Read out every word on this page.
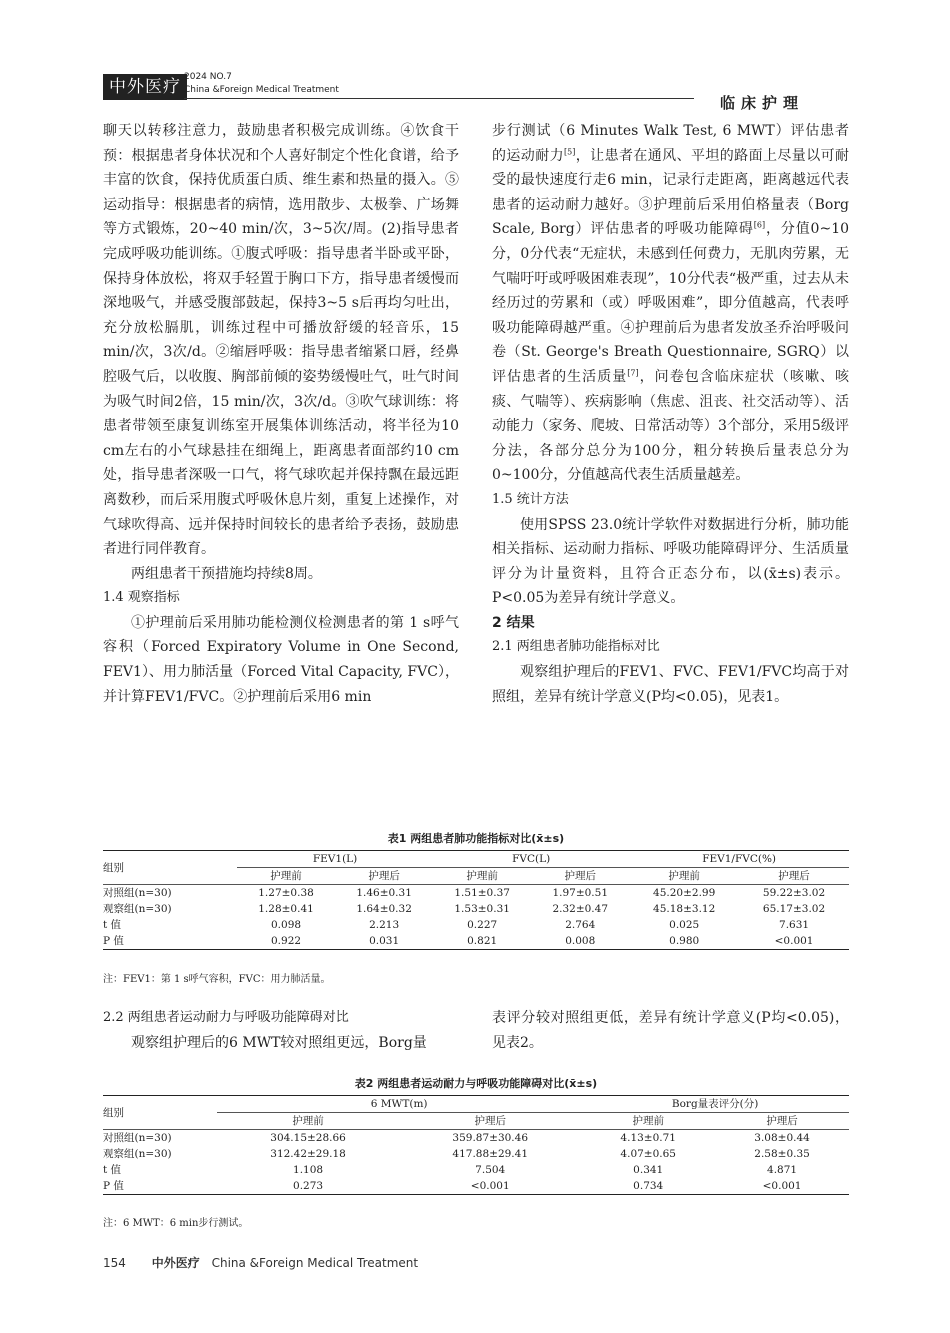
中外医疗 2024 NO.7
China &Foreign Medical Treatment
临床护理

聊天以转移注意力，鼓励患者积极完成训练。④饮食干预：根据患者身体状况和个人喜好制定个性化食谱，给予丰富的饮食，保持优质蛋白质、维生素和热量的摄入。⑤运动指导：根据患者的病情，选用散步、太极拳、广场舞等方式锻炼，20~40 min/次，3~5次/周。(2)指导患者完成呼吸功能训练。①腹式呼吸：指导患者半卧或平卧，保持身体放松，将双手轻置于胸口下方，指导患者缓慢而深地吸气，并感受腹部鼓起，保持3~5 s后再均匀吐出，充分放松膈肌，训练过程中可播放舒缓的轻音乐，15 min/次，3次/d。②缩唇呼吸：指导患者缩紧口唇，经鼻腔吸气后，以收腹、胸部前倾的姿势缓慢吐气，吐气时间为吸气时间2倍，15 min/次，3次/d。③吹气球训练：将患者带领至康复训练室开展集体训练活动，将半径为10 cm左右的小气球悬挂在细绳上，距离患者面部约10 cm处，指导患者深吸一口气，将气球吹起并保持飘在最远距离数秒，而后采用腹式呼吸休息片刻，重复上述操作，对气球吹得高、远并保持时间较长的患者给予表扬，鼓励患者进行同伴教育。

两组患者干预措施均持续8周。

1.4 观察指标

①护理前后采用肺功能检测仪检测患者的第 1 s呼气容积（Forced Expiratory Volume in One Second, FEV1）、用力肺活量（Forced Vital Capacity, FVC），并计算FEV1/FVC。②护理前后采用6 min

步行测试（6 Minutes Walk Test, 6 MWT）评估患者的运动耐力[5]，让患者在通风、平坦的路面上尽量以可耐受的最快速度行走6 min，记录行走距离，距离越远代表患者的运动耐力越好。③护理前后采用伯格量表（Borg Scale, Borg）评估患者的呼吸功能障碍[6]，分值0~10分，0分代表“无症状，未感到任何费力，无肌肉劳累，无气喘吁吁或呼吸困难表现”，10分代表“极严重，过去从未经历过的劳累和（或）呼吸困难”，即分值越高，代表呼吸功能障碍越严重。④护理前后为患者发放圣乔治呼吸问卷（St. George's Breath Questionnaire, SGRQ）以评估患者的生活质量[7]，问卷包含临床症状（咳嗽、咳痰、气喘等）、疾病影响（焦虑、沮丧、社交活动等）、活动能力（家务、爬坡、日常活动等）3个部分，采用5级评分法，各部分总分为100分，粗分转换后量表总分为0~100分，分值越高代表生活质量越差。

1.5 统计方法

使用SPSS 23.0统计学软件对数据进行分析，肺功能相关指标、运动耐力指标、呼吸功能障碍评分、生活质量评分为计量资料，且符合正态分布，以(x̄±s)表示。P<0.05为差异有统计学意义。

2 结果

2.1 两组患者肺功能指标对比

观察组护理后的FEV1、FVC、FEV1/FVC均高于对照组，差异有统计学意义(P均<0.05)，见表1。

表1 两组患者肺功能指标对比(x̄±s)
组别	FEV1(L)		FVC(L)		FEV1/FVC(%)	
	护理前	护理后	护理前	护理后	护理前	护理后
对照组(n=30)	1.27±0.38	1.46±0.31	1.51±0.37	1.97±0.51	45.20±2.99	59.22±3.02
观察组(n=30)	1.28±0.41	1.64±0.32	1.53±0.31	2.32±0.47	45.18±3.12	65.17±3.02
t 值	0.098	2.213	0.227	2.764	0.025	7.631
P 值	0.922	0.031	0.821	0.008	0.980	<0.001
注：FEV1：第 1 s呼气容积，FVC：用力肺活量。

2.2 两组患者运动耐力与呼吸功能障碍对比

观察组护理后的6 MWT较对照组更远，Borg量

表评分较对照组更低，差异有统计学意义(P均<0.05)，见表2。

表2 两组患者运动耐力与呼吸功能障碍对比(x̄±s)
组别	6 MWT(m)		Borg量表评分(分)	
	护理前	护理后	护理前	护理后
对照组(n=30)	304.15±28.66	359.87±30.46	4.13±0.71	3.08±0.44
观察组(n=30)	312.42±29.18	417.88±29.41	4.07±0.65	2.58±0.35
t 值	1.108	7.504	0.341	4.871
P 值	0.273	<0.001	0.734	<0.001
注：6 MWT：6 min步行测试。
154 中外医疗 China &Foreign Medical Treatment
